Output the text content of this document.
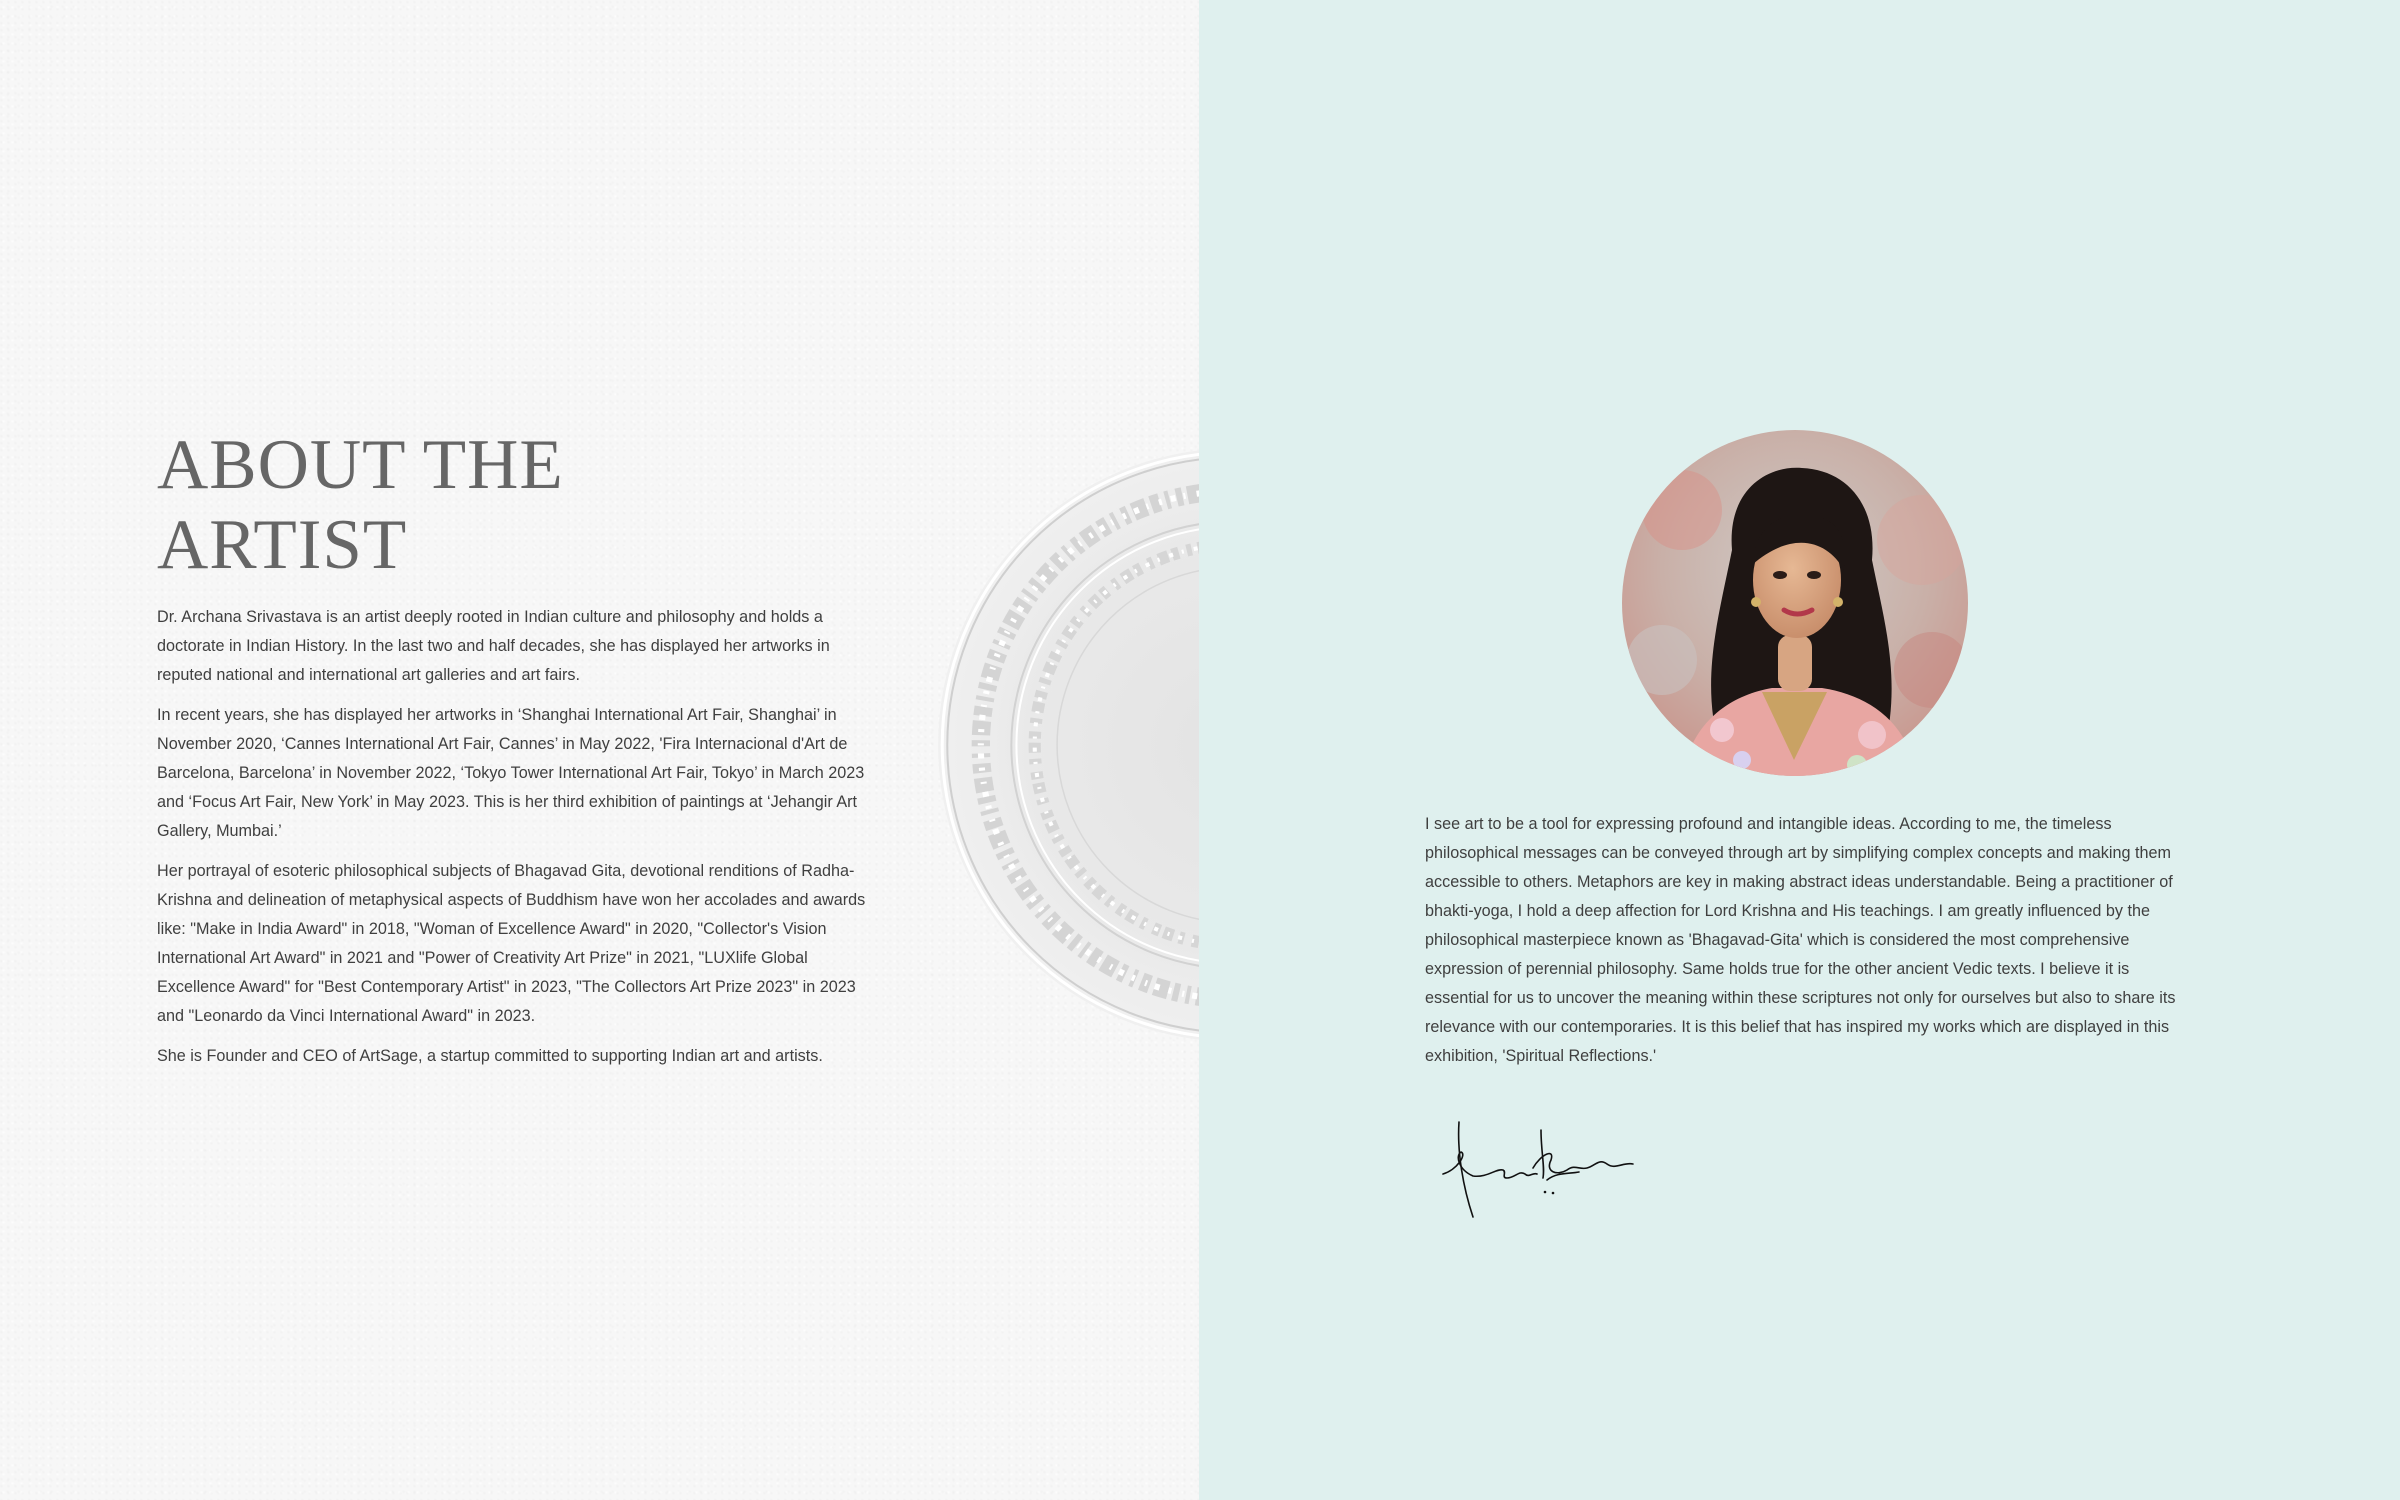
ABOUT THE
ARTIST

Dr. Archana Srivastava is an artist deeply rooted in Indian culture and philosophy and holds a doctorate in Indian History. In the last two and half decades, she has displayed her artworks in reputed national and international art galleries and art fairs.

In recent years, she has displayed her artworks in ‘Shanghai International Art Fair, Shanghai’ in November 2020, ‘Cannes International Art Fair, Cannes’ in May 2022, 'Fira Internacional d'Art de Barcelona, Barcelona’ in November 2022, ‘Tokyo Tower International Art Fair, Tokyo’ in March 2023 and ‘Focus Art Fair, New York’ in May 2023. This is her third exhibition of paintings at ‘Jehangir Art Gallery, Mumbai.’

Her portrayal of esoteric philosophical subjects of Bhagavad Gita, devotional renditions of Radha-Krishna and delineation of metaphysical aspects of Buddhism have won her accolades and awards like: "Make in India Award" in 2018, "Woman of Excellence Award" in 2020, "Collector's Vision International Art Award" in 2021 and "Power of Creativity Art Prize" in 2021, "LUXlife Global Excellence Award" for "Best Contemporary Artist" in 2023, "The Collectors Art Prize 2023" in 2023 and "Leonardo da Vinci International Award" in 2023.

She is Founder and CEO of ArtSage, a startup committed to supporting Indian art and artists.

I see art to be a tool for expressing profound and intangible ideas. According to me, the timeless philosophical messages can be conveyed through art by simplifying complex concepts and making them accessible to others. Metaphors are key in making abstract ideas understandable. Being a practitioner of bhakti-yoga, I hold a deep affection for Lord Krishna and His teachings. I am greatly influenced by the philosophical masterpiece known as 'Bhagavad-Gita' which is considered the most comprehensive expression of perennial philosophy. Same holds true for the other ancient Vedic texts. I believe it is essential for us to uncover the meaning within these scriptures not only for ourselves but also to share its relevance with our contemporaries. It is this belief that has inspired my works which are displayed in this exhibition, 'Spiritual Reflections.'
